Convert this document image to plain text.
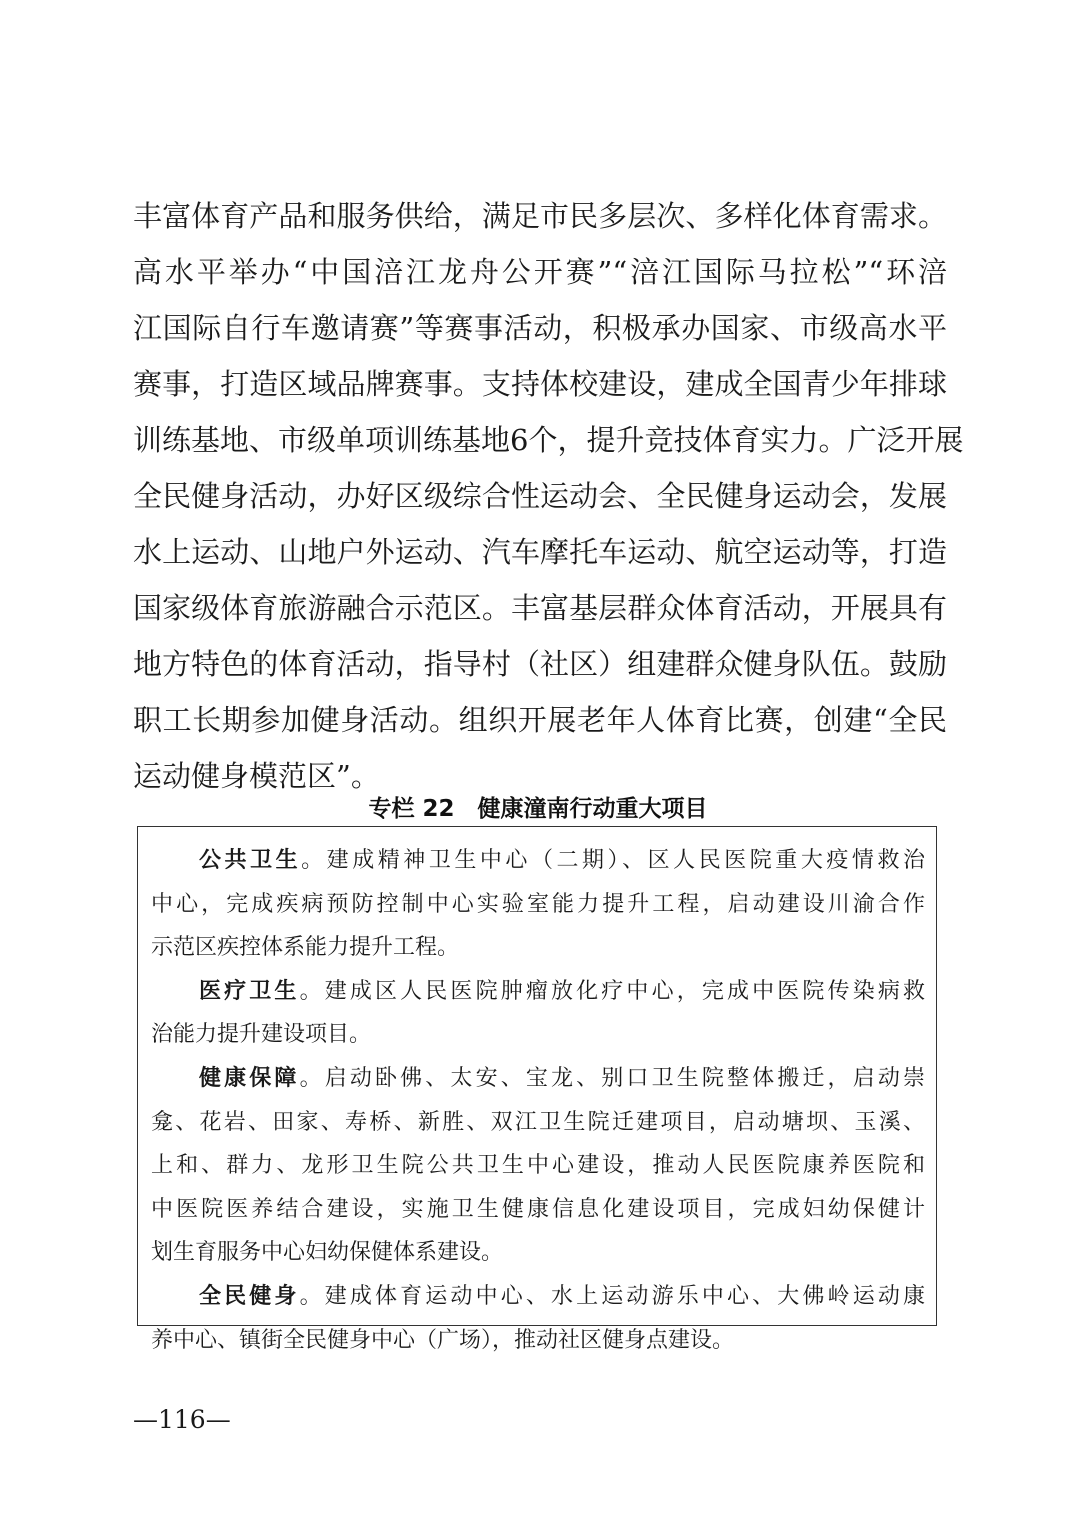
丰富体育产品和服务供给，满足市民多层次、多样化体育需求。
高水平举办“中国涪江龙舟公开赛”“涪江国际马拉松”“环涪
江国际自行车邀请赛”等赛事活动，积极承办国家、市级高水平
赛事，打造区域品牌赛事。支持体校建设，建成全国青少年排球
训练基地、市级单项训练基地6个，提升竞技体育实力。广泛开展
全民健身活动，办好区级综合性运动会、全民健身运动会，发展
水上运动、山地户外运动、汽车摩托车运动、航空运动等，打造
国家级体育旅游融合示范区。丰富基层群众体育活动，开展具有
地方特色的体育活动，指导村（社区）组建群众健身队伍。鼓励
职工长期参加健身活动。组织开展老年人体育比赛，创建“全民
运动健身模范区”。
专栏 22　健康潼南行动重大项目
公共卫生。建成精神卫生中心（二期）、区人民医院重大疫情救治
中心，完成疾病预防控制中心实验室能力提升工程，启动建设川渝合作
示范区疾控体系能力提升工程。
医疗卫生。建成区人民医院肿瘤放化疗中心，完成中医院传染病救
治能力提升建设项目。
健康保障。启动卧佛、太安、宝龙、别口卫生院整体搬迁，启动崇
龛、花岩、田家、寿桥、新胜、双江卫生院迁建项目，启动塘坝、玉溪、
上和、群力、龙形卫生院公共卫生中心建设，推动人民医院康养医院和
中医院医养结合建设，实施卫生健康信息化建设项目，完成妇幼保健计
划生育服务中心妇幼保健体系建设。
全民健身。建成体育运动中心、水上运动游乐中心、大佛岭运动康
养中心、镇街全民健身中心（广场），推动社区健身点建设。
—116—
